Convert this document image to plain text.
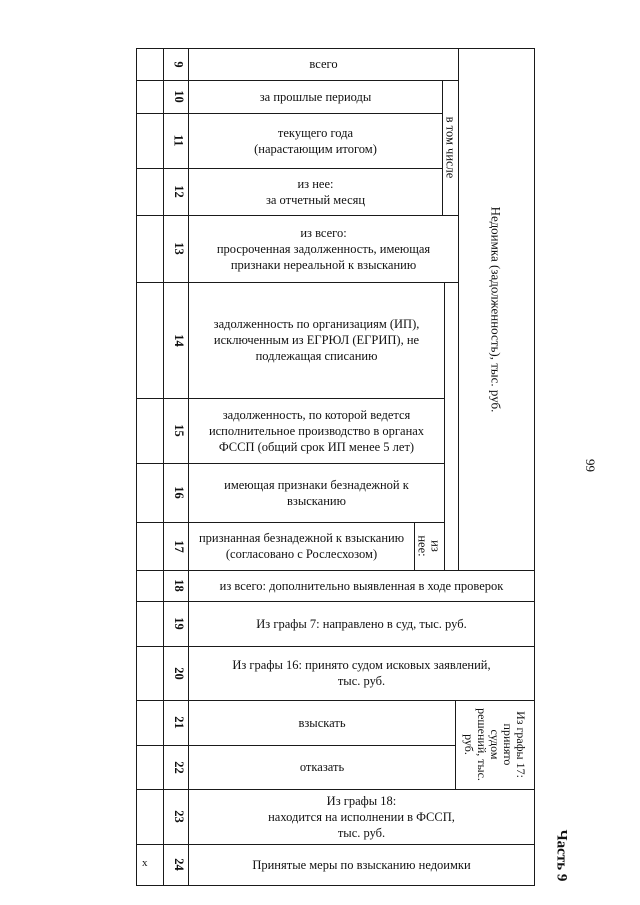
9
10
11
12
13
14
15
16
17
18
19
20
21
22
23
24
всего
за прошлые периоды
текущего года
(нарастающим итогом)
из нее:
за отчетный месяц
из всего:
просроченная задолженность, имеющая
признаки нереальной к взысканию
задолженность по организациям (ИП),
исключенным из ЕГРЮЛ (ЕГРИП), не
подлежащая списанию
задолженность, по которой ведется
исполнительное производство в органах
ФССП (общий срок ИП менее 5 лет)
имеющая признаки безнадежной к
взысканию
признанная безнадежной к взысканию
(согласовано с Рослесхозом)
из всего: дополнительно выявленная в ходе проверок
Из графы 7: направлено в суд, тыс. руб.
Из графы 16: принято судом исковых заявлений,
тыс. руб.
взыскать
отказать
Из графы 18:
находится на исполнении в ФССП,
тыс. руб.
Принятые меры по взысканию недоимки
в том числе
из
нее:
Недоимка (задолженность), тыс. руб.
Из графы 17:
принято
судом
решений, тыс.
руб.
x
99
Часть 9
